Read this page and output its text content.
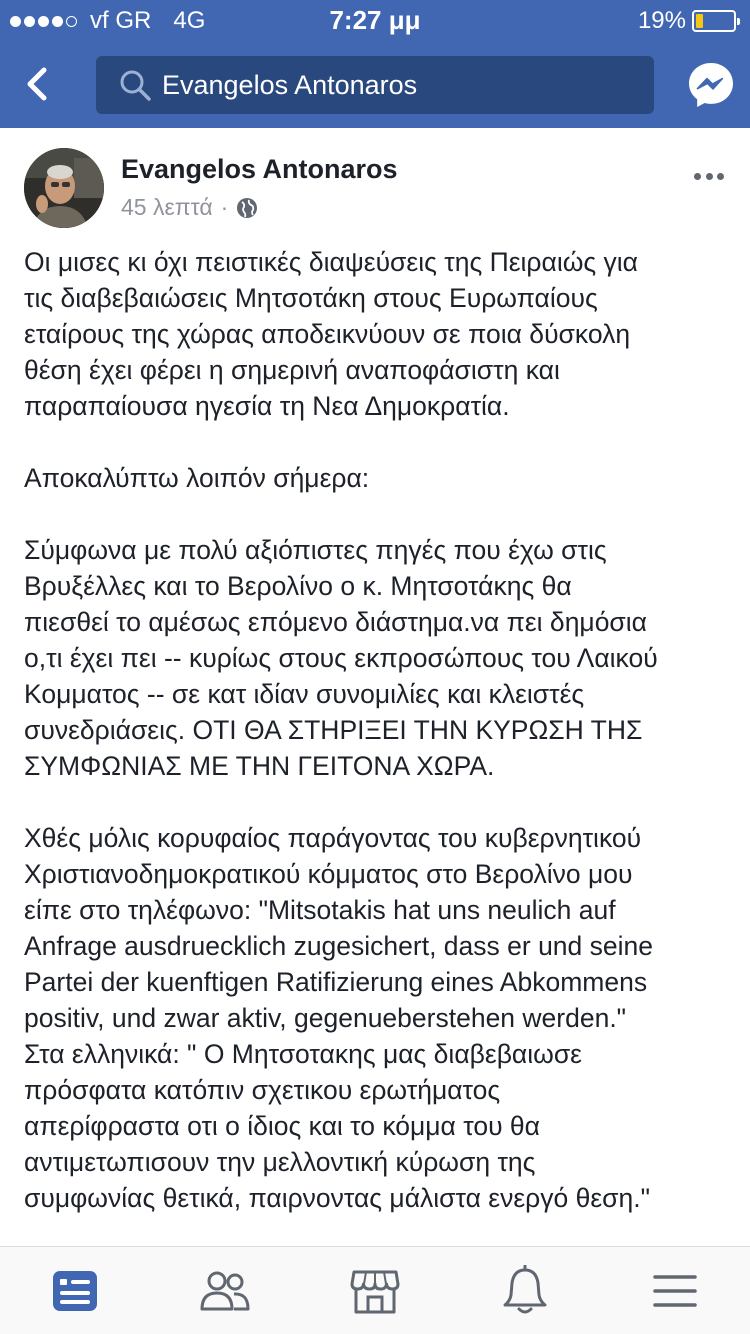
vf GR 4G	7:27 μμ	19%
Evangelos Antonaros
Evangelos Antonaros
45 λεπτά ·
Οι μισες κι όχι πειστικές διαψεύσεις της Πειραιώς για
τις διαβεβαιώσεις Μητσοτάκη στους Ευρωπαίους
εταίρους της χώρας αποδεικνύουν σε ποια δύσκολη
θέση έχει φέρει η σημερινή αναποφάσιστη και
παραπαίουσα ηγεσία τη Νεα Δημοκρατία.
Αποκαλύπτω λοιπόν σήμερα:
Σύμφωνα με πολύ αξιόπιστες πηγές που έχω στις
Βρυξέλλες και το Βερολίνο ο κ. Μητσοτάκης θα
πιεσθεί το αμέσως επόμενο διάστημα.να πει δημόσια
ο,τι έχει πει -- κυρίως στους εκπροσώπους του Λαικού
Κομματος -- σε κατ ιδίαν συνομιλίες και κλειστές
συνεδριάσεις. ΟΤΙ ΘΑ ΣΤΗΡΙΞΕΙ ΤΗΝ ΚΥΡΩΣΗ ΤΗΣ
ΣΥΜΦΩΝΙΑΣ ΜΕ ΤΗΝ ΓΕΙΤΟΝΑ ΧΩΡΑ.
Χθές μόλις κορυφαίος παράγοντας του κυβερνητικού
Χριστιανοδημοκρατικού κόμματος στο Βερολίνο μου
είπε στο τηλέφωνο: "Mitsotakis hat uns neulich auf
Anfrage ausdruecklich zugesichert, dass er und seine
Partei der kuenftigen Ratifizierung eines Abkommens
positiv, und zwar aktiv, gegenueberstehen werden."
Στα ελληνικά: " Ο Μητσοτακης μας διαβεβαιωσε
πρόσφατα κατόπιν σχετικου ερωτήματος
απερίφραστα οτι ο ίδιος και το κόμμα του θα
αντιμετωπισουν την μελλοντική κύρωση της
συμφωνίας θετικά, παιρνοντας μάλιστα ενεργό θεση."
